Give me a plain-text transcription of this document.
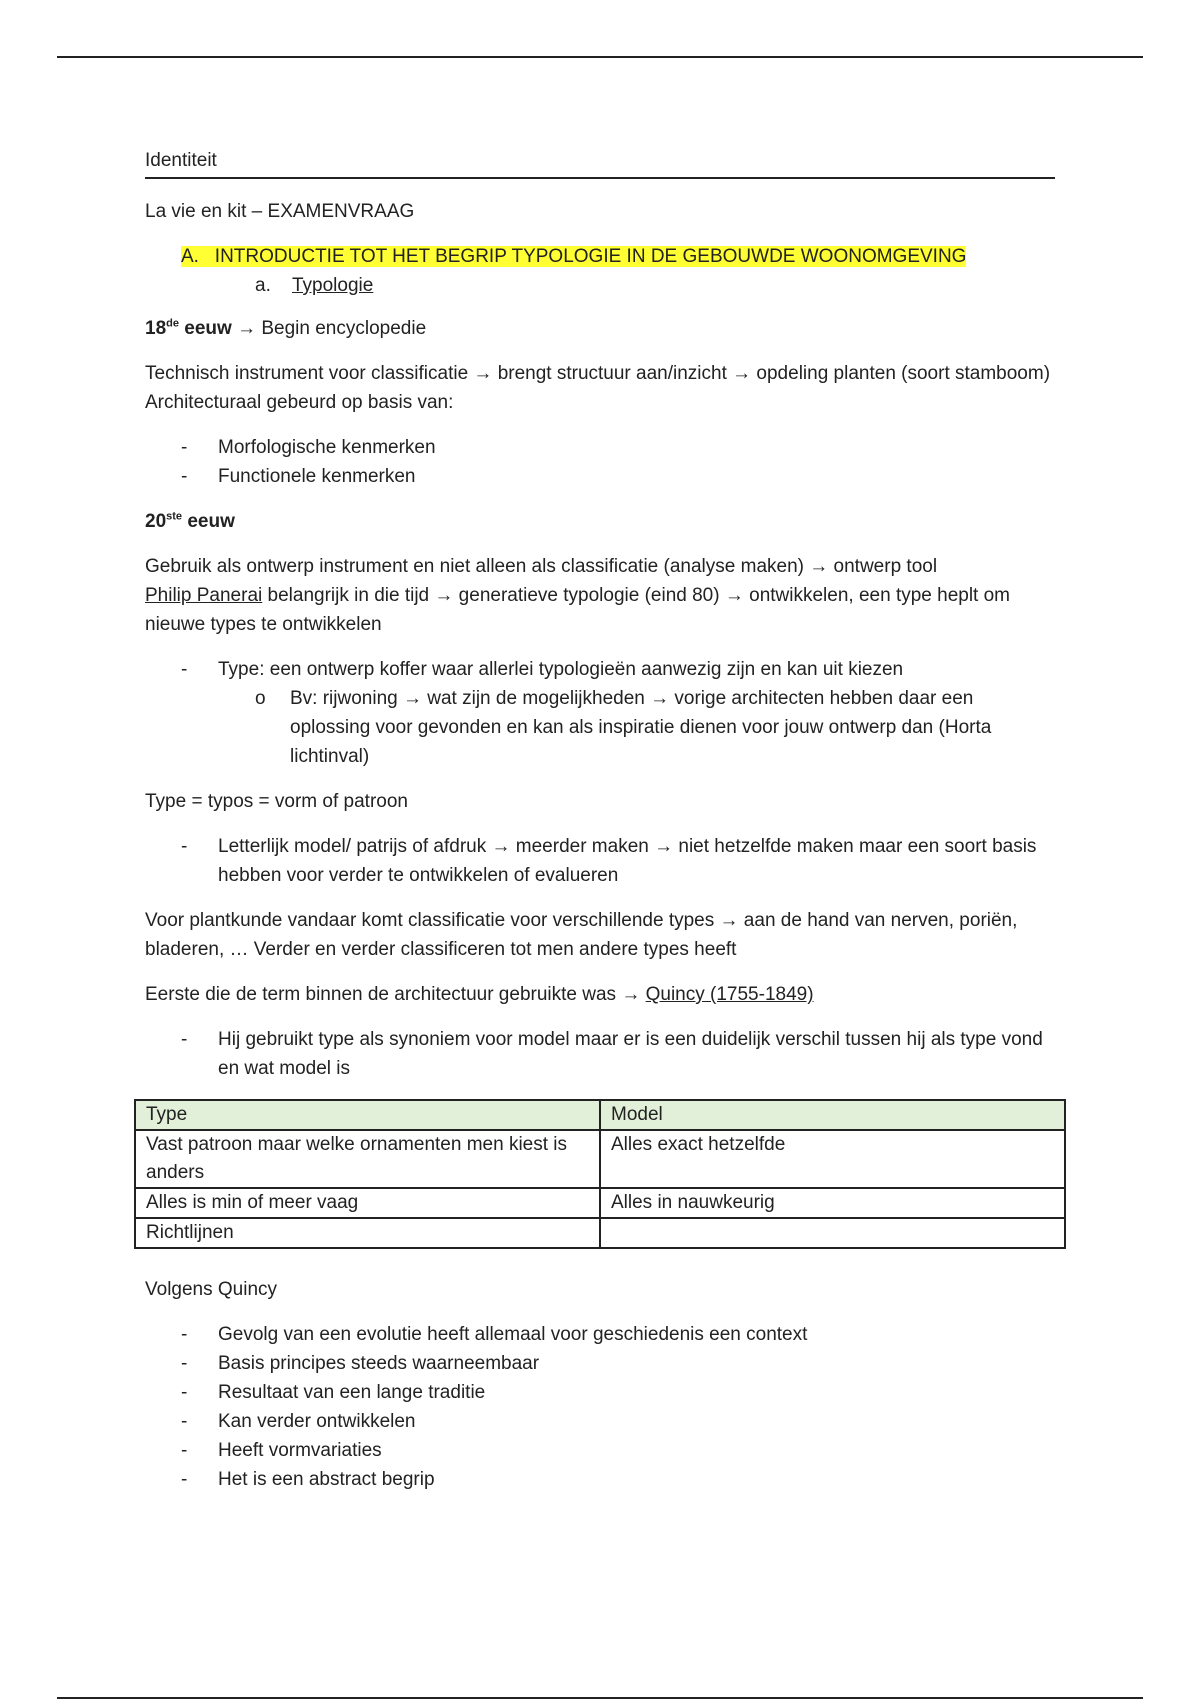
Identiteit

La vie en kit – EXAMENVRAAG

A. INTRODUCTIE TOT HET BEGRIP TYPOLOGIE IN DE GEBOUWDE WOONOMGEVING
a. Typologie

18de eeuw → Begin encyclopedie

Technisch instrument voor classificatie → brengt structuur aan/inzicht → opdeling planten (soort stamboom)
Architecturaal gebeurd op basis van:
- Morfologische kenmerken
- Functionele kenmerken

20ste eeuw

Gebruik als ontwerp instrument en niet alleen als classificatie (analyse maken) → ontwerp tool
Philip Panerai belangrijk in die tijd → generatieve typologie (eind 80) → ontwikkelen, een type heplt om nieuwe types te ontwikkelen
- Type: een ontwerp koffer waar allerlei typologieën aanwezig zijn en kan uit kiezen
o Bv: rijwoning → wat zijn de mogelijkheden → vorige architecten hebben daar een oplossing voor gevonden en kan als inspiratie dienen voor jouw ontwerp dan (Horta lichtinval)

Type = typos = vorm of patroon

- Letterlijk model/ patrijs of afdruk → meerder maken → niet hetzelfde maken maar een soort basis hebben voor verder te ontwikkelen of evalueren

Voor plantkunde vandaar komt classificatie voor verschillende types → aan de hand van nerven, poriën, bladeren, … Verder en verder classificeren tot men andere types heeft

Eerste die de term binnen de architectuur gebruikte was → Quincy (1755-1849)

- Hij gebruikt type als synoniem voor model maar er is een duidelijk verschil tussen hij als type vond en wat model is
Type	Model
Vast patroon maar welke ornamenten men kiest is anders	Alles exact hetzelfde
Alles is min of meer vaag	Alles in nauwkeurig
Richtlijnen	

Volgens Quincy

- Gevolg van een evolutie heeft allemaal voor geschiedenis een context
- Basis principes steeds waarneembaar
- Resultaat van een lange traditie
- Kan verder ontwikkelen
- Heeft vormvariaties
- Het is een abstract begrip
